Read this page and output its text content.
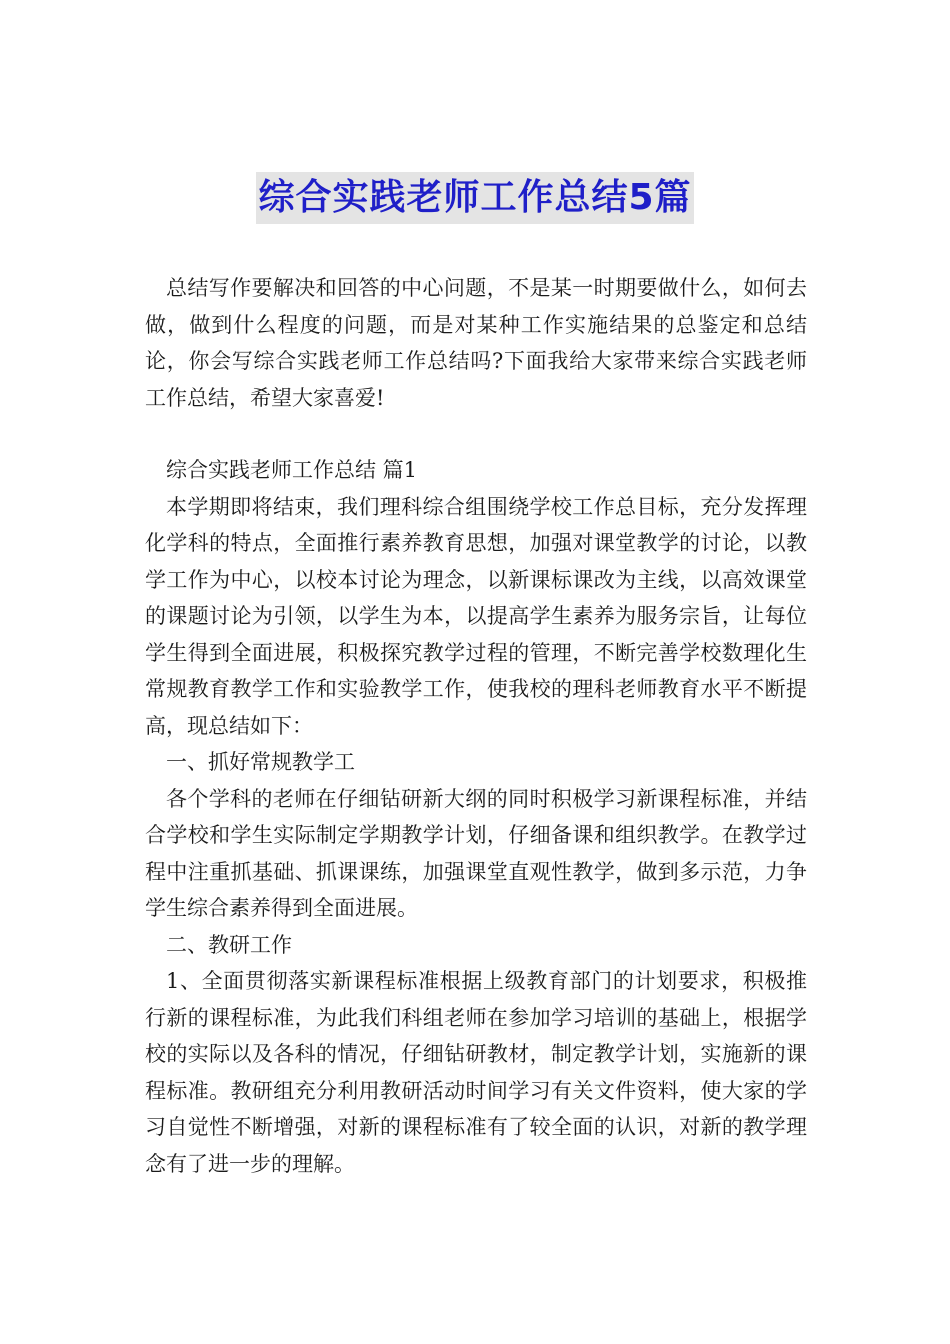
综合实践老师工作总结5篇

总结写作要解决和回答的中心问题，不是某一时期要做什么，如何去做，做到什么程度的问题，而是对某种工作实施结果的总鉴定和总结论，你会写综合实践老师工作总结吗?下面我给大家带来综合实践老师工作总结，希望大家喜爱!

综合实践老师工作总结 篇1

本学期即将结束，我们理科综合组围绕学校工作总目标，充分发挥理化学科的特点，全面推行素养教育思想，加强对课堂教学的讨论，以教学工作为中心，以校本讨论为理念，以新课标课改为主线，以高效课堂的课题讨论为引领，以学生为本，以提高学生素养为服务宗旨，让每位学生得到全面进展，积极探究教学过程的管理，不断完善学校数理化生常规教育教学工作和实验教学工作，使我校的理科老师教育水平不断提高，现总结如下：

一、抓好常规教学工

各个学科的老师在仔细钻研新大纲的同时积极学习新课程标准，并结合学校和学生实际制定学期教学计划，仔细备课和组织教学。在教学过程中注重抓基础、抓课课练，加强课堂直观性教学，做到多示范，力争学生综合素养得到全面进展。

二、教研工作

1、全面贯彻落实新课程标准根据上级教育部门的计划要求，积极推行新的课程标准，为此我们科组老师在参加学习培训的基础上，根据学校的实际以及各科的情况，仔细钻研教材，制定教学计划，实施新的课程标准。教研组充分利用教研活动时间学习有关文件资料，使大家的学习自觉性不断增强，对新的课程标准有了较全面的认识，对新的教学理念有了进一步的理解。
